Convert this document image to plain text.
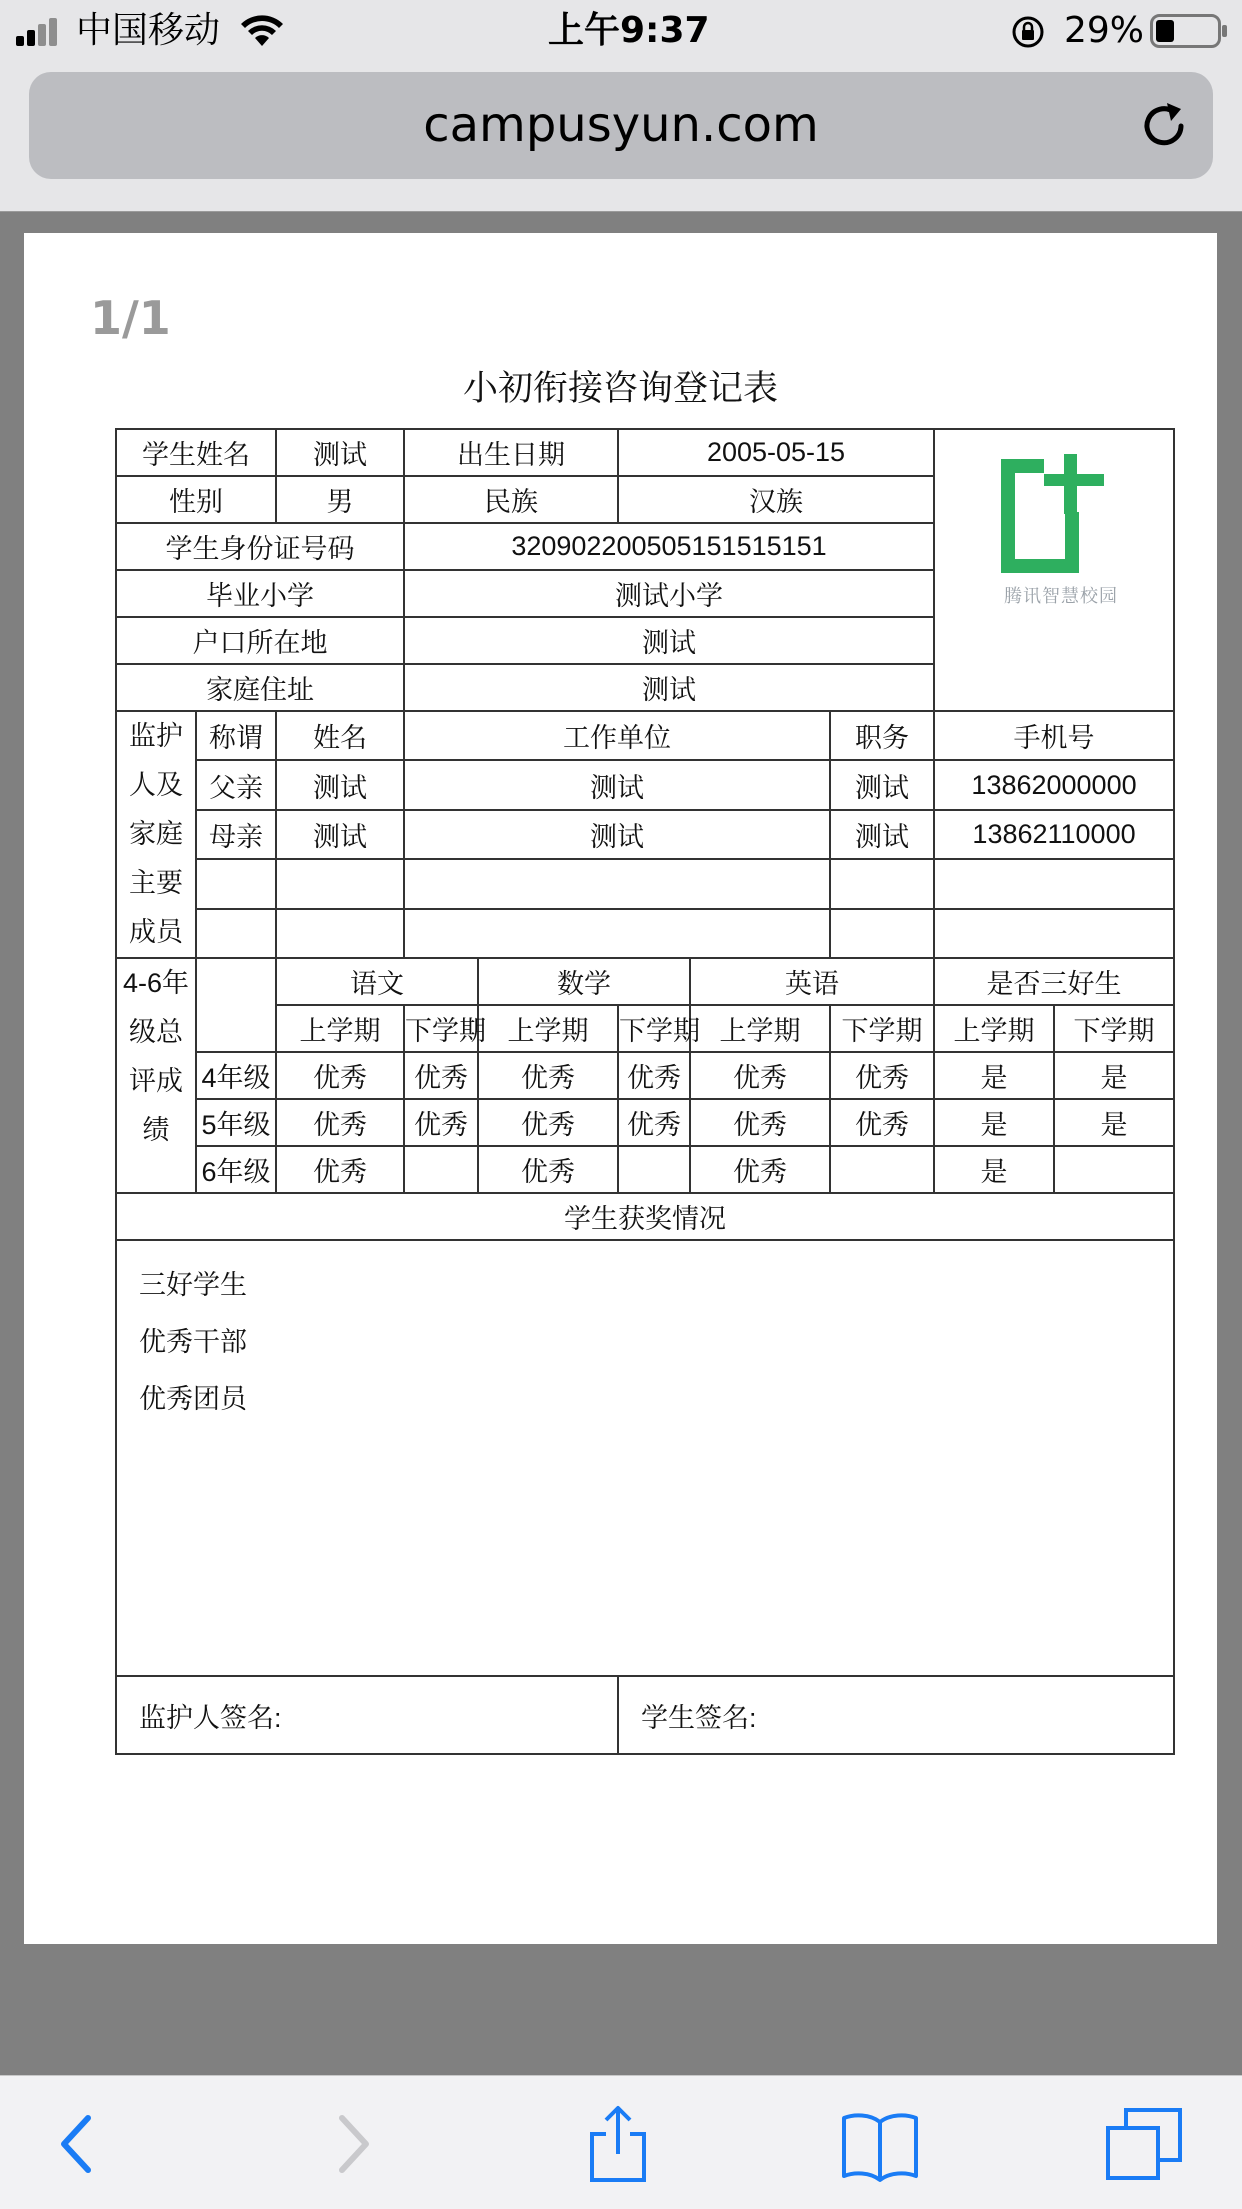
中国移动	上午9:37	29%
campusyun.com
1/1
小初衔接咨询登记表
学生姓名		测试	出生日期		2005-05-15			腾讯智慧校园	

性别		男	民族		汉族				
学生身份证号码			320902200505151515151						
毕业小学			测试小学						
户口所在地			测试						
家庭住址			测试						
监护人及家庭主要成员	称谓	姓名	工作单位				职务	手机号	
	父亲	测试	测试				测试	13862000000	
	母亲	测试	测试				测试	13862110000	

4-6年级总评成绩		语文		数学		英语		是否三好生	
		上学期	下学期	上学期	下学期	上学期	下学期	上学期	下学期
	4年级	优秀	优秀	优秀	优秀	优秀	优秀	是	是
	5年级	优秀	优秀	优秀	优秀	优秀	优秀	是	是
	6年级	优秀		优秀		优秀		是	
学生获奖情况									

三好学生
优秀干部
优秀团员									

监护人签名:					学生签名:				
